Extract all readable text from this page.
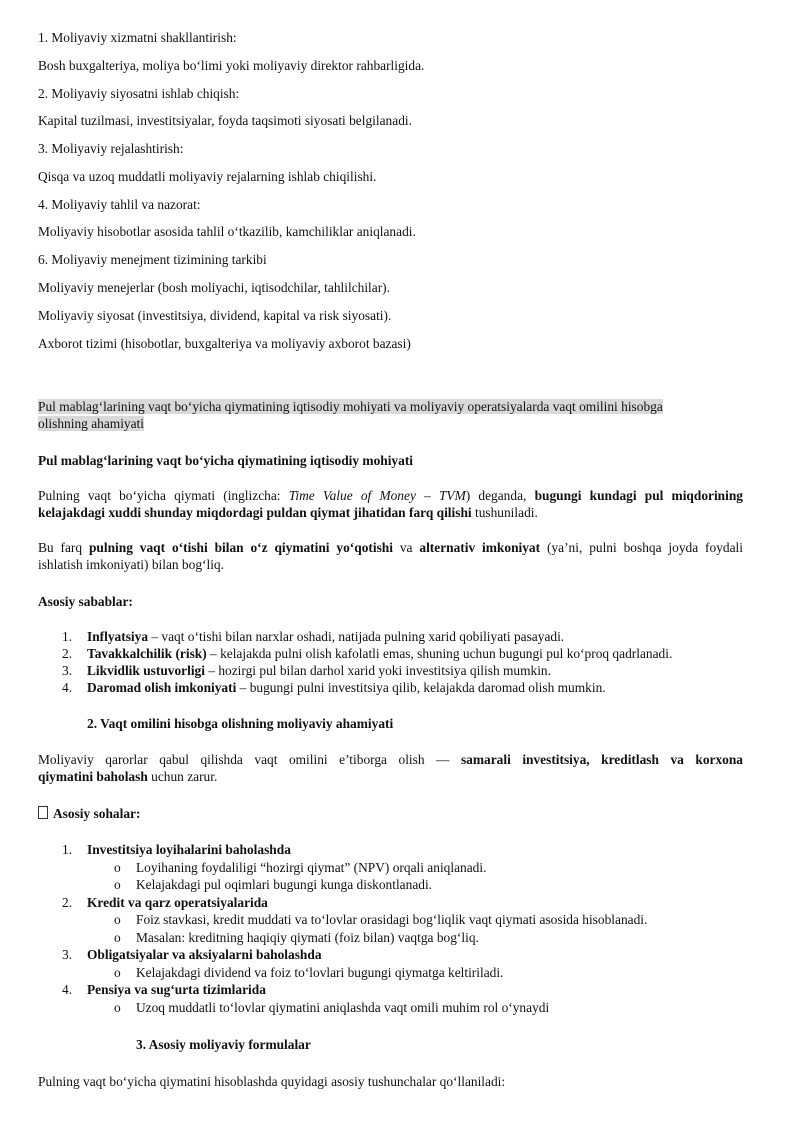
1. Moliyaviy xizmatni shakllantirish:
Bosh buxgalteriya, moliya bo‘limi yoki moliyaviy direktor rahbarligida.
2. Moliyaviy siyosatni ishlab chiqish:
Kapital tuzilmasi, investitsiyalar, foyda taqsimoti siyosati belgilanadi.
3. Moliyaviy rejalashtirish:
Qisqa va uzoq muddatli moliyaviy rejalarning ishlab chiqilishi.
4. Moliyaviy tahlil va nazorat:
Moliyaviy hisobotlar asosida tahlil o‘tkazilib, kamchiliklar aniqlanadi.
6. Moliyaviy menejment tizimining tarkibi
Moliyaviy menejerlar (bosh moliyachi, iqtisodchilar, tahlilchilar).
Moliyaviy siyosat (investitsiya, dividend, kapital va risk siyosati).
Axborot tizimi (hisobotlar, buxgalteriya va moliyaviy axborot bazasi)
Pul mablag‘larining vaqt bo‘yicha qiymatining iqtisodiy mohiyati va moliyaviy operatsiyalarda vaqt omilini hisobga
olishning ahamiyati
Pul mablag‘larining vaqt bo‘yicha qiymatining iqtisodiy mohiyati
Pulning vaqt bo‘yicha qiymati (inglizcha: Time Value of Money – TVM) deganda, bugungi kundagi pul miqdorining
kelajakdagi xuddi shunday miqdordagi puldan qiymat jihatidan farq qilishi tushuniladi.
Bu farq pulning vaqt o‘tishi bilan o‘z qiymatini yo‘qotishi va alternativ imkoniyat (ya’ni, pulni boshqa joyda foydali
ishlatish imkoniyati) bilan bog‘liq.
Asosiy sabablar:
1. Inflyatsiya – vaqt o‘tishi bilan narxlar oshadi, natijada pulning xarid qobiliyati pasayadi.
2. Tavakkalchilik (risk) – kelajakda pulni olish kafolatli emas, shuning uchun bugungi pul ko‘proq qadrlanadi.
3. Likvidlik ustuvorligi – hozirgi pul bilan darhol xarid yoki investitsiya qilish mumkin.
4. Daromad olish imkoniyati – bugungi pulni investitsiya qilib, kelajakda daromad olish mumkin.
2. Vaqt omilini hisobga olishning moliyaviy ahamiyati
Moliyaviy qarorlar qabul qilishda vaqt omilini e’tiborga olish — samarali investitsiya, kreditlash va korxona
qiymatini baholash uchun zarur.
Asosiy sohalar:
1. Investitsiya loyihalarini baholashda
o Loyihaning foydaliligi “hozirgi qiymat” (NPV) orqali aniqlanadi.
o Kelajakdagi pul oqimlari bugungi kunga diskontlanadi.
2. Kredit va qarz operatsiyalarida
o Foiz stavkasi, kredit muddati va to‘lovlar orasidagi bog‘liqlik vaqt qiymati asosida hisoblanadi.
o Masalan: kreditning haqiqiy qiymati (foiz bilan) vaqtga bog‘liq.
3. Obligatsiyalar va aksiyalarni baholashda
o Kelajakdagi dividend va foiz to‘lovlari bugungi qiymatga keltiriladi.
4. Pensiya va sug‘urta tizimlarida
o Uzoq muddatli to‘lovlar qiymatini aniqlashda vaqt omili muhim rol o‘ynaydi
3. Asosiy moliyaviy formulalar
Pulning vaqt bo‘yicha qiymatini hisoblashda quyidagi asosiy tushunchalar qo‘llaniladi:
